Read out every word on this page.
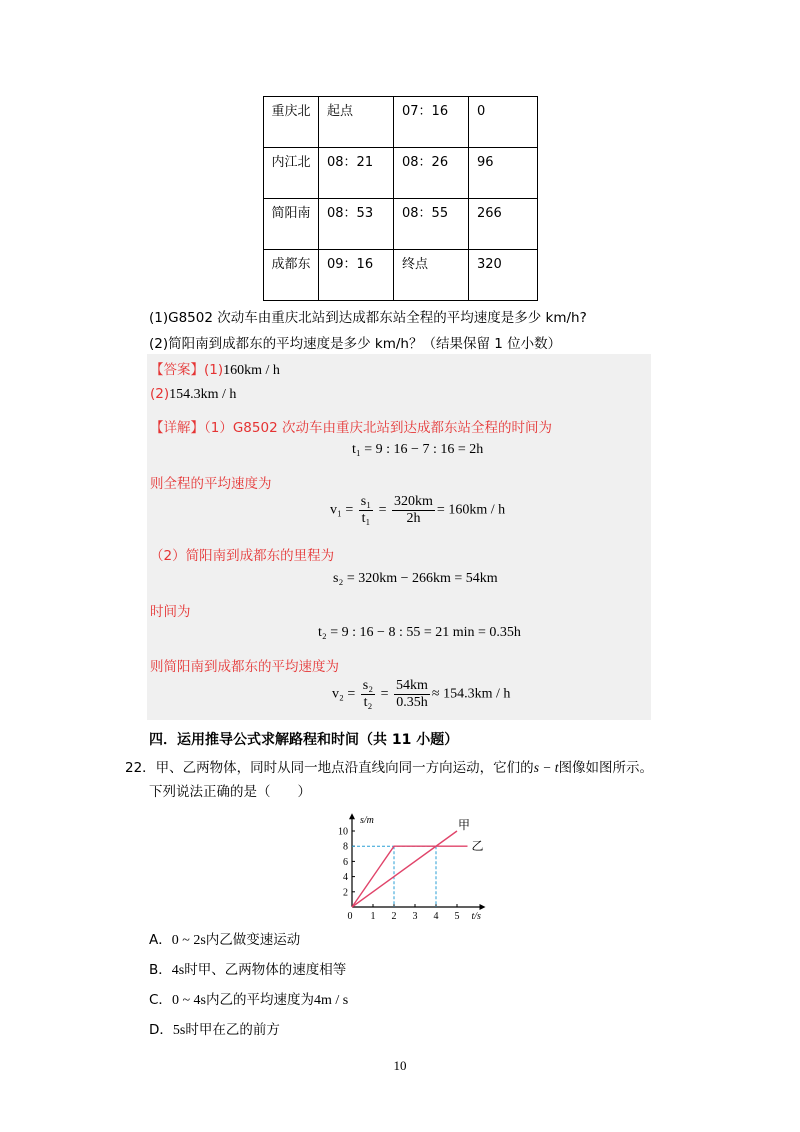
重庆北	起点	07：16	0
内江北	08：21	08：26	96
简阳南	08：53	08：55	266
成都东	09：16	终点	320
(1)G8502 次动车由重庆北站到达成都东站全程的平均速度是多少 km/h?
(2)简阳南到成都东的平均速度是多少 km/h？（结果保留 1 位小数）
【答案】(1)160km / h
(2)154.3km / h
【详解】（1）G8502 次动车由重庆北站到达成都东站全程的时间为
t₁ = 9 : 16 − 7 : 16 = 2h
则全程的平均速度为
$v_1 = \frac{\text{s₁}}{\text{t₁}} = \frac{320km}{2h} = 160km / h$
（2）简阳南到成都东的里程为
s₂ = 320km − 266km = 54km
时间为
t₂ = 9 : 16 − 8 : 55 = 21 min = 0.35h
则简阳南到成都东的平均速度为
$v_2 = \frac{\text{s₂}}{\text{t₂}} = \frac{54km}{0.35h} \approx 154.3km / h$
四．运用推导公式求解路程和时间（共 11 小题）
22．甲、乙两物体，同时从同一地点沿直线向同一方向运动，它们的s − t图像如图所示。
下列说法正确的是（　　）
0 1 2 3 4 5
2
4
6
8
10
s/m
t/s
甲
乙
A．0 ~ 2s内乙做变速运动
B．4s时甲、乙两物体的速度相等
C．0 ~ 4s内乙的平均速度为4m / s
D．5s时甲在乙的前方
10
